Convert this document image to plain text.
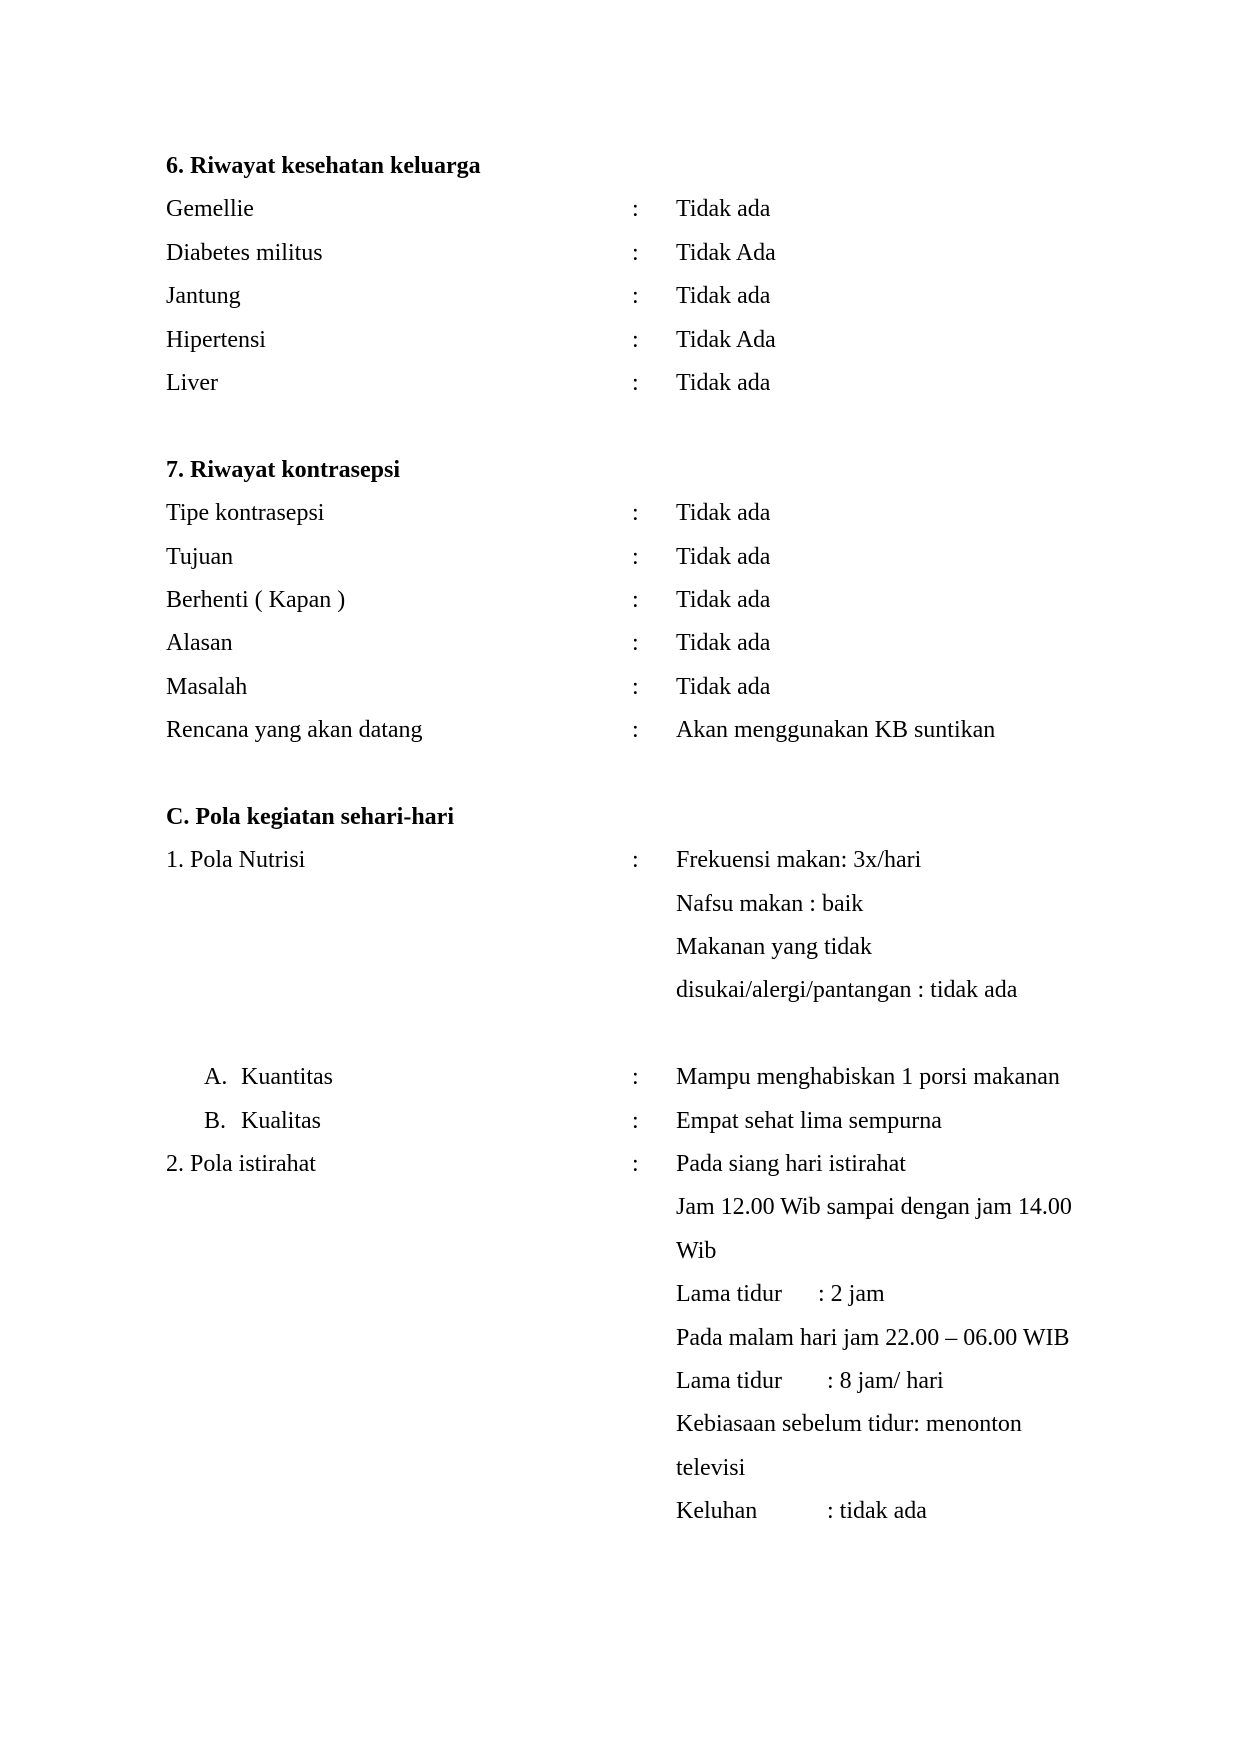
6. Riwayat kesehatan keluarga
Gemellie	:	Tidak ada
Diabetes militus	:	Tidak Ada
Jantung	:	Tidak ada
Hipertensi	:	Tidak Ada
Liver	:	Tidak ada
7. Riwayat kontrasepsi
Tipe kontrasepsi	:	Tidak ada
Tujuan	:	Tidak ada
Berhenti ( Kapan )	:	Tidak ada
Alasan	:	Tidak ada
Masalah	:	Tidak ada
Rencana yang akan datang	:	Akan menggunakan KB suntikan
C. Pola kegiatan sehari-hari
1. Pola Nutrisi	:	Frekuensi makan: 3x/hari
Nafsu makan : baik
Makanan yang tidak
disukai/alergi/pantangan : tidak ada
A. Kuantitas	:	Mampu menghabiskan 1 porsi makanan
B. Kualitas	:	Empat sehat lima sempurna
2. Pola istirahat	:	Pada siang hari istirahat
Jam 12.00 Wib sampai dengan jam 14.00
Wib
Lama tidur : 2 jam
Pada malam hari jam 22.00 – 06.00 WIB
Lama tidur : 8 jam/ hari
Kebiasaan sebelum tidur: menonton
televisi
Keluhan	: tidak ada
